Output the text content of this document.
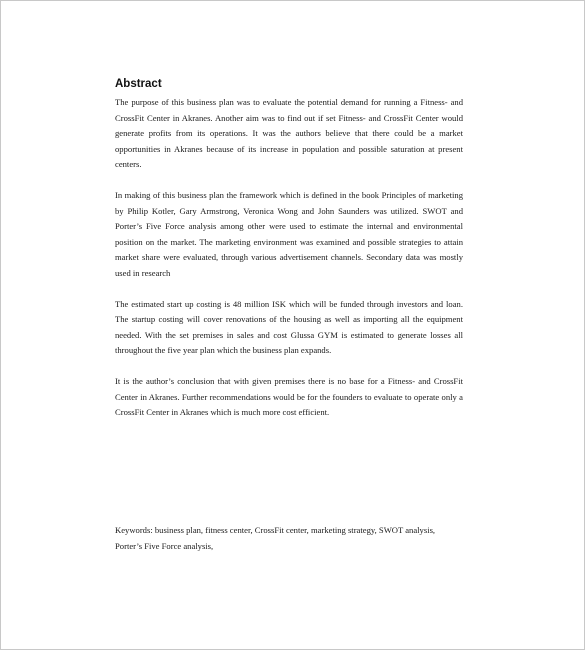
Abstract

The purpose of this business plan was to evaluate the potential demand for running a Fitness- and CrossFit Center in Akranes. Another aim was to find out if set Fitness- and CrossFit Center would generate profits from its operations. It was the authors believe that there could be a market opportunities in Akranes because of its increase in population and possible saturation at present centers.

In making of this business plan the framework which is defined in the book Principles of marketing by Philip Kotler, Gary Armstrong, Veronica Wong and John Saunders was utilized. SWOT and Porter’s Five Force analysis among other were used to estimate the internal and environmental position on the market. The marketing environment was examined and possible strategies to attain market share were evaluated, through various advertisement channels. Secondary data was mostly used in research

The estimated start up costing is 48 million ISK which will be funded through investors and loan. The startup costing will cover renovations of the housing as well as importing all the equipment needed. With the set premises in sales and cost Glussa GYM is estimated to generate losses all throughout the five year plan which the business plan expands.

It is the author’s conclusion that with given premises there is no base for a Fitness- and CrossFit Center in Akranes. Further recommendations would be for the founders to evaluate to operate only a CrossFit Center in Akranes which is much more cost efficient.

Keywords: business plan, fitness center, CrossFit center, marketing strategy, SWOT analysis,
Porter’s Five Force analysis,
